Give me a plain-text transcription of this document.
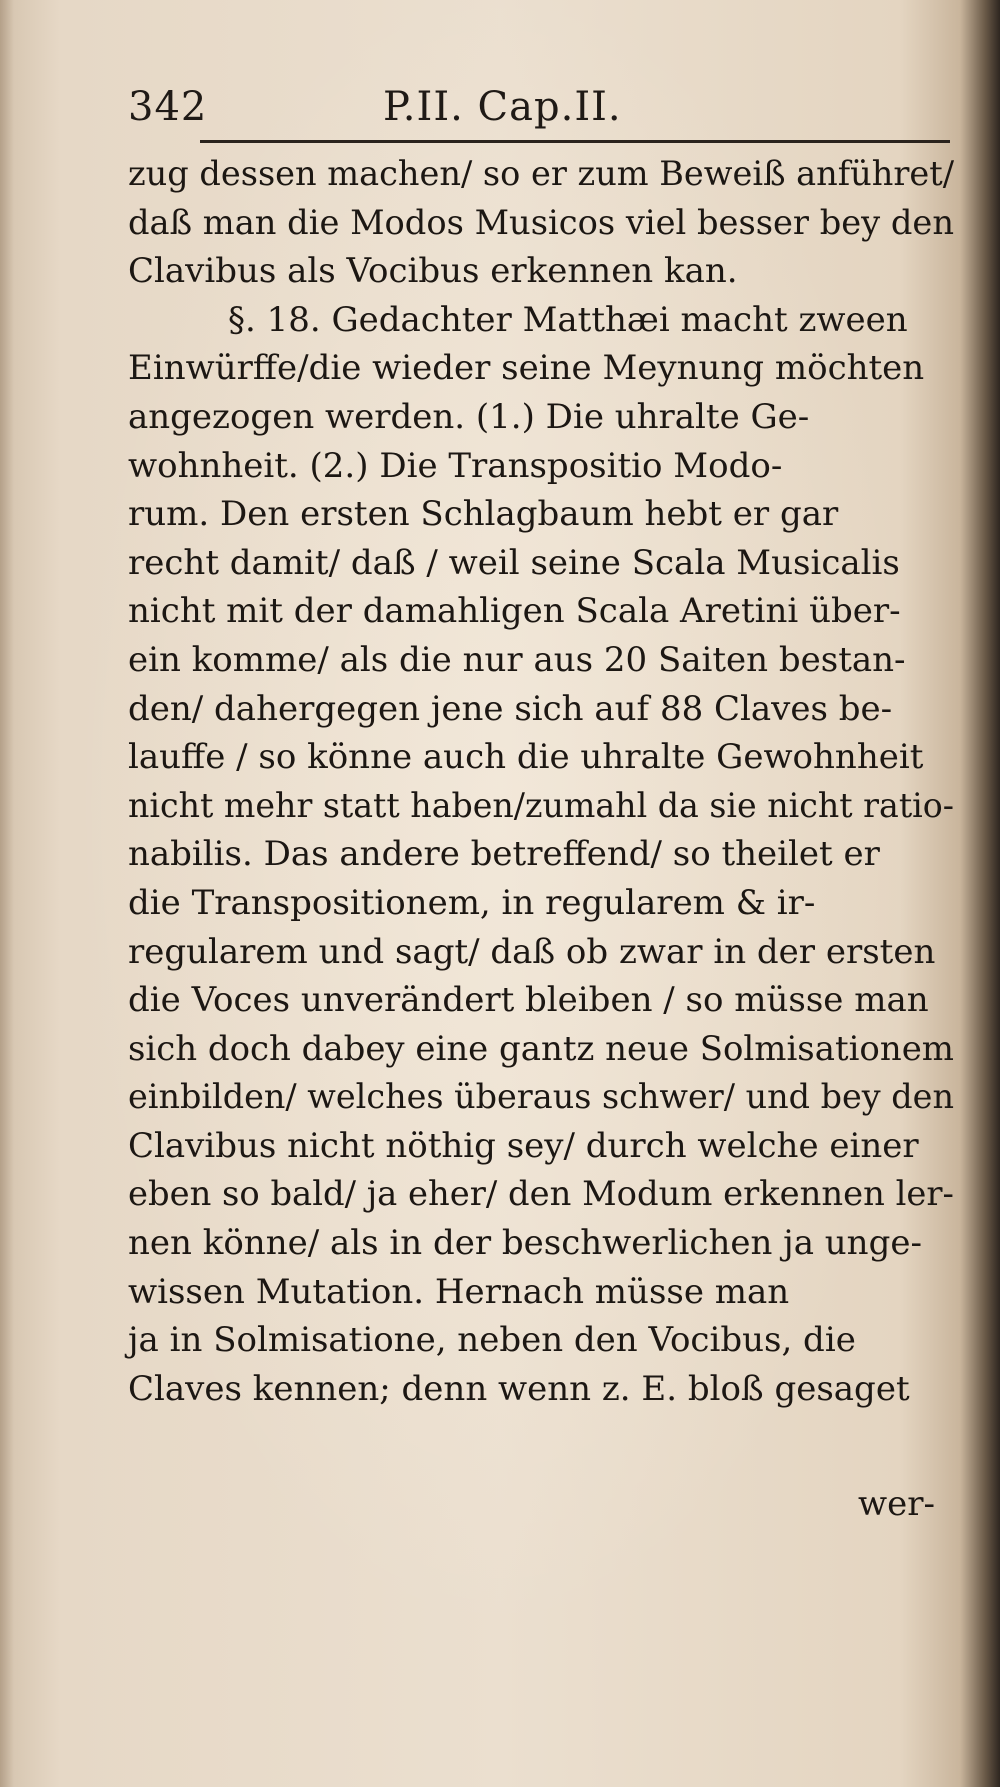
342	P.II. Cap.II.
zug dessen machen/ so er zum Beweiß anführet/
daß man die Modos Musicos viel besser bey den
Clavibus als Vocibus erkennen kan.
§. 18. Gedachter Matthæi macht zween
Einwürffe/die wieder seine Meynung möchten
angezogen werden. (1.) Die uhralte Ge-
wohnheit. (2.) Die Transpositio Modo-
rum. Den ersten Schlagbaum hebt er gar
recht damit/ daß / weil seine Scala Musicalis
nicht mit der damahligen Scala Aretini über-
ein komme/ als die nur aus 20 Saiten bestan-
den/ dahergegen jene sich auf 88 Claves be-
lauffe / so könne auch die uhralte Gewohnheit
nicht mehr statt haben/zumahl da sie nicht ratio-
nabilis. Das andere betreffend/ so theilet er
die Transpositionem, in regularem & ir-
regularem und sagt/ daß ob zwar in der ersten
die Voces unverändert bleiben / so müsse man
sich doch dabey eine gantz neue Solmisationem
einbilden/ welches überaus schwer/ und bey den
Clavibus nicht nöthig sey/ durch welche einer
eben so bald/ ja eher/ den Modum erkennen ler-
nen könne/ als in der beschwerlichen ja unge-
wissen Mutation. Hernach müsse man
ja in Solmisatione, neben den Vocibus, die
Claves kennen; denn wenn z. E. bloß gesaget
wer-
